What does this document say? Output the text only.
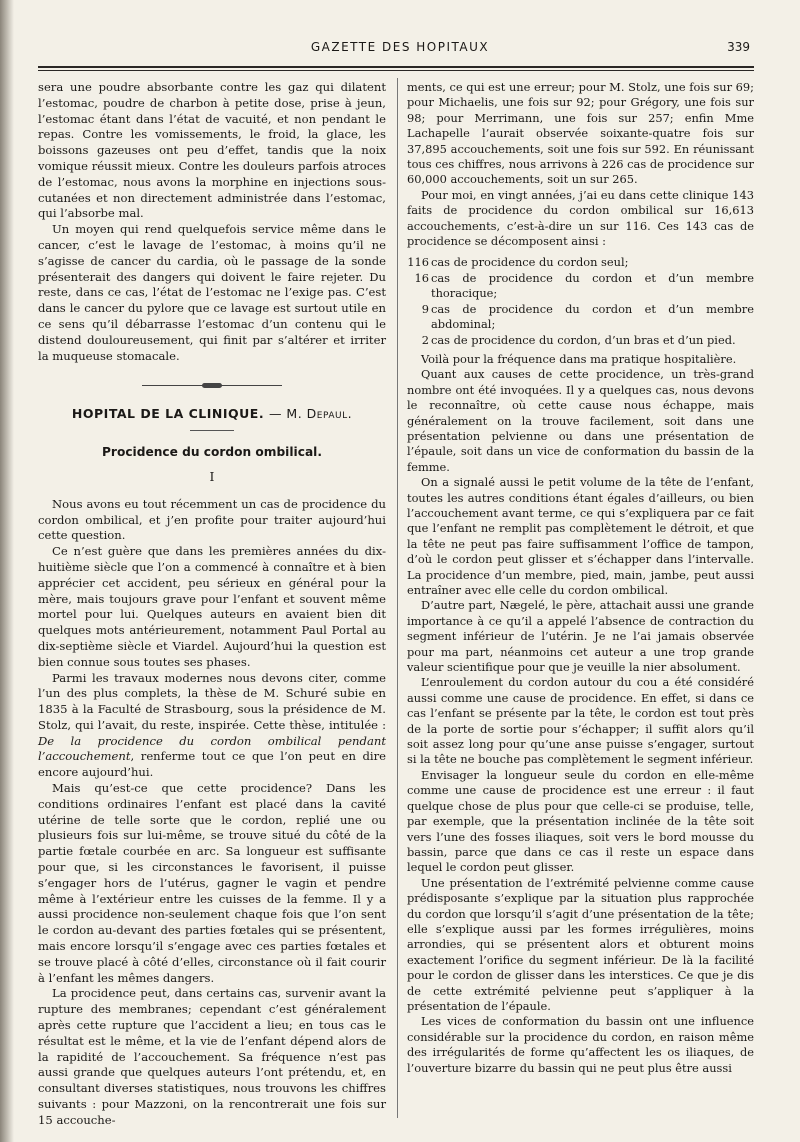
GAZETTE DES HOPITAUX	339

sera une poudre absorbante contre les gaz qui dilatent l’estomac, poudre de charbon à petite dose, prise à jeun, l’estomac étant dans l’état de vacuité, et non pendant le repas. Contre les vomissements, le froid, la glace, les boissons gazeuses ont peu d’effet, tandis que la noix vomique réussit mieux. Contre les douleurs parfois atroces de l’estomac, nous avons la morphine en injections sous-cutanées et non directement administrée dans l’estomac, qui l’absorbe mal.

Un moyen qui rend quelquefois service même dans le cancer, c’est le lavage de l’estomac, à moins qu’il ne s’agisse de cancer du cardia, où le passage de la sonde présenterait des dangers qui doivent le faire rejeter. Du reste, dans ce cas, l’état de l’estomac ne l’exige pas. C’est dans le cancer du pylore que ce lavage est surtout utile en ce sens qu’il débarrasse l’estomac d’un contenu qui le distend douloureusement, qui finit par s’altérer et irriter la muqueuse stomacale.

HOPITAL DE LA CLINIQUE. — M. Depaul.
Procidence du cordon ombilical.
I

Nous avons eu tout récemment un cas de procidence du cordon ombilical, et j’en profite pour traiter aujourd’hui cette question.

Ce n’est guère que dans les premières années du dix-huitième siècle que l’on a commencé à connaître et à bien apprécier cet accident, peu sérieux en général pour la mère, mais toujours grave pour l’enfant et souvent même mortel pour lui. Quelques auteurs en avaient bien dit quelques mots antérieurement, notamment Paul Portal au dix-septième siècle et Viardel. Aujourd’hui la question est bien connue sous toutes ses phases.

Parmi les travaux modernes nous devons citer, comme l’un des plus complets, la thèse de M. Schuré subie en 1835 à la Faculté de Strasbourg, sous la présidence de M. Stolz, qui l’avait, du reste, inspirée. Cette thèse, intitulée : De la procidence du cordon ombilical pendant l’accouchement, renferme tout ce que l’on peut en dire encore aujourd’hui.

Mais qu’est-ce que cette procidence? Dans les conditions ordinaires l’enfant est placé dans la cavité utérine de telle sorte que le cordon, replié une ou plusieurs fois sur lui-même, se trouve situé du côté de la partie fœtale courbée en arc. Sa longueur est suffisante pour que, si les circonstances le favorisent, il puisse s’engager hors de l’utérus, gagner le vagin et pendre même à l’extérieur entre les cuisses de la femme. Il y a aussi procidence non-seulement chaque fois que l’on sent le cordon au-devant des parties fœtales qui se présentent, mais encore lorsqu’il s’engage avec ces parties fœtales et se trouve placé à côté d’elles, circonstance où il fait courir à l’enfant les mêmes dangers.

La procidence peut, dans certains cas, survenir avant la rupture des membranes; cependant c’est généralement après cette rupture que l’accident a lieu; en tous cas le résultat est le même, et la vie de l’enfant dépend alors de la rapidité de l’accouchement. Sa fréquence n’est pas aussi grande que quelques auteurs l’ont prétendu, et, en consultant diverses statistiques, nous trouvons les chiffres suivants : pour Mazzoni, on la rencontrerait une fois sur 15 accouche-

ments, ce qui est une erreur; pour M. Stolz, une fois sur 69; pour Michaelis, une fois sur 92; pour Grégory, une fois sur 98; pour Merrimann, une fois sur 257; enfin Mme Lachapelle l’aurait observée soixante-quatre fois sur 37,895 accouchements, soit une fois sur 592. En réunissant tous ces chiffres, nous arrivons à 226 cas de procidence sur 60,000 accouchements, soit un sur 265.

Pour moi, en vingt années, j’ai eu dans cette clinique 143 faits de procidence du cordon ombilical sur 16,613 accouchements, c’est-à-dire un sur 116. Ces 143 cas de procidence se décomposent ainsi :

116 cas de procidence du cordon seul;

16 cas de procidence du cordon et d’un membre thoracique;

9 cas de procidence du cordon et d’un membre abdominal;

2 cas de procidence du cordon, d’un bras et d’un pied.

Voilà pour la fréquence dans ma pratique hospitalière.

Quant aux causes de cette procidence, un très-grand nombre ont été invoquées. Il y a quelques cas, nous devons le reconnaître, où cette cause nous échappe, mais généralement on la trouve facilement, soit dans une présentation pelvienne ou dans une présentation de l’épaule, soit dans un vice de conformation du bassin de la femme.

On a signalé aussi le petit volume de la tête de l’enfant, toutes les autres conditions étant égales d’ailleurs, ou bien l’accouchement avant terme, ce qui s’expliquera par ce fait que l’enfant ne remplit pas complètement le détroit, et que la tête ne peut pas faire suffisamment l’office de tampon, d’où le cordon peut glisser et s’échapper dans l’intervalle. La procidence d’un membre, pied, main, jambe, peut aussi entraîner avec elle celle du cordon ombilical.

D’autre part, Nægelé, le père, attachait aussi une grande importance à ce qu’il a appelé l’absence de contraction du segment inférieur de l’utérin. Je ne l’ai jamais observée pour ma part, néanmoins cet auteur a une trop grande valeur scientifique pour que je veuille la nier absolument.

L’enroulement du cordon autour du cou a été considéré aussi comme une cause de procidence. En effet, si dans ce cas l’enfant se présente par la tête, le cordon est tout près de la porte de sortie pour s’échapper; il suffit alors qu’il soit assez long pour qu’une anse puisse s’engager, surtout si la tête ne bouche pas complètement le segment inférieur.

Envisager la longueur seule du cordon en elle-même comme une cause de procidence est une erreur : il faut quelque chose de plus pour que celle-ci se produise, telle, par exemple, que la présentation inclinée de la tête soit vers l’une des fosses iliaques, soit vers le bord mousse du bassin, parce que dans ce cas il reste un espace dans lequel le cordon peut glisser.

Une présentation de l’extrémité pelvienne comme cause prédisposante s’explique par la situation plus rapprochée du cordon que lorsqu’il s’agit d’une présentation de la tête; elle s’explique aussi par les formes irrégulières, moins arrondies, qui se présentent alors et obturent moins exactement l’orifice du segment inférieur. De là la facilité pour le cordon de glisser dans les interstices. Ce que je dis de cette extrémité pelvienne peut s’appliquer à la présentation de l’épaule.

Les vices de conformation du bassin ont une influence considérable sur la procidence du cordon, en raison même des irrégularités de forme qu’affectent les os iliaques, de l’ouverture bizarre du bassin qui ne peut plus être aussi
